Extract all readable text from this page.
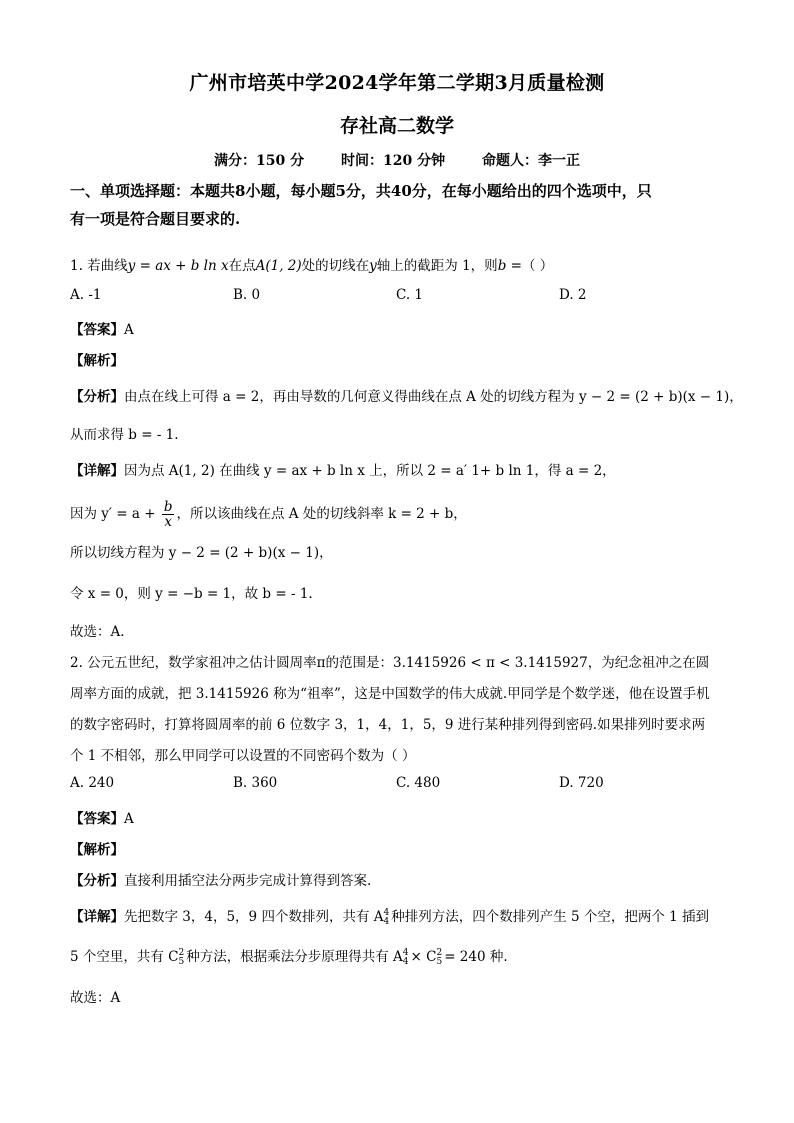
广州市培英中学2024学年第二学期3月质量检测
存社高二数学
满分：150 分	时间：120 分钟	命题人：李一正
一、单项选择题：本题共8小题，每小题5分，共40分，在每小题给出的四个选项中，只
有一项是符合题目要求的.
1. 若曲线y = ax + b ln x在点A(1, 2)处的切线在y轴上的截距为 1，则b =（ ）
A. -1	B. 0	C. 1	D. 2
【答案】A
【解析】
【分析】由点在线上可得 a = 2，再由导数的几何意义得曲线在点 A 处的切线方程为 y − 2 = (2 + b)(x − 1)，
从而求得 b = - 1.
【详解】因为点 A(1, 2) 在曲线 y = ax + b ln x 上，所以 2 = a′ 1+ b ln 1，得 a = 2，
因为 $y' = a + \frac{b}{x}$ ，所以该曲线在点 A 处的切线斜率 k = 2 + b，
所以切线方程为 y − 2 = (2 + b)(x − 1)，
令 x = 0，则 y = −b = 1，故 b = - 1.
故选：A.
2. 公元五世纪，数学家祖冲之估计圆周率π的范围是：3.1415926 < π < 3.1415927，为纪念祖冲之在圆
周率方面的成就，把 3.1415926 称为“祖率”，这是中国数学的伟大成就.甲同学是个数学迷，他在设置手机
的数字密码时，打算将圆周率的前 6 位数字 3，1，4，1，5，9 进行某种排列得到密码.如果排列时要求两
个 1 不相邻，那么甲同学可以设置的不同密码个数为（ ）
A. 240	B. 360	C. 480	D. 720
【答案】A
【解析】
【分析】直接利用插空法分两步完成计算得到答案.
【详解】先把数字 3，4，5，9 四个数排列，共有 A 4
4 种排列方法，四个数排列产生 5 个空，把两个 1 插到
5 个空里，共有 C 2
5 种方法，根据乘法分步原理得共有 A 4
4 × C 2
5 = 240 种.
故选：A
